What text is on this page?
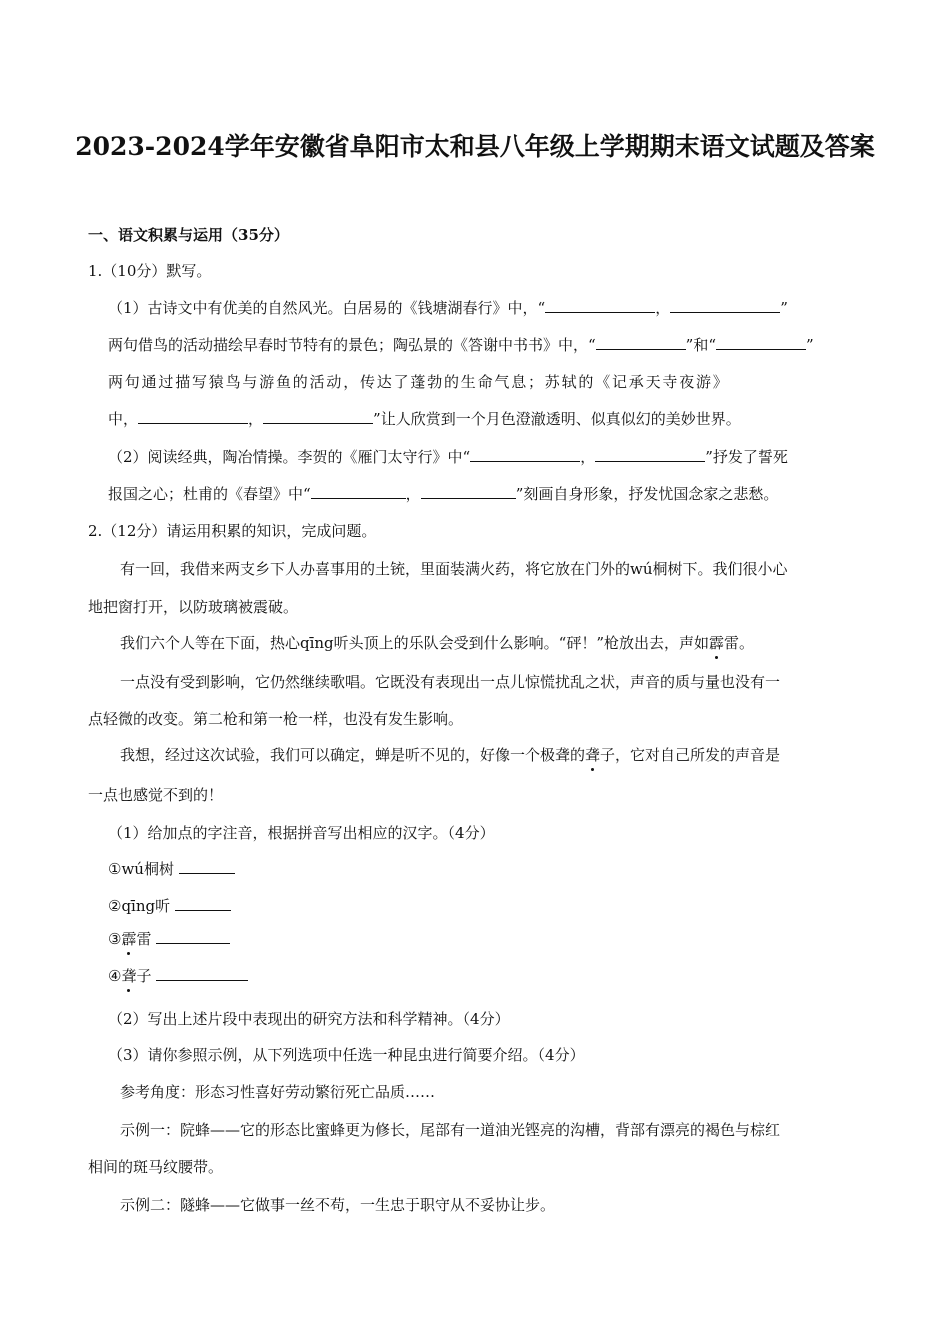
2023-2024学年安徽省阜阳市太和县八年级上学期期末语文试题及答案
一、语文积累与运用（35分）
1.（10分）默写。
（1）古诗文中有优美的自然风光。白居易的《钱塘湖春行》中，“	，	”
两句借鸟的活动描绘早春时节特有的景色；陶弘景的《答谢中书书》中，“	”和“	”
两句通过描写猿鸟与游鱼的活动，传达了蓬勃的生命气息；苏轼的《记承天寺夜游》
中，	，	”让人欣赏到一个月色澄澈透明、似真似幻的美妙世界。
（2）阅读经典，陶冶情操。李贺的《雁门太守行》中“	，	”抒发了誓死
报国之心；杜甫的《春望》中“	，	”刻画自身形象，抒发忧国念家之悲愁。
2.（12分）请运用积累的知识，完成问题。
有一回，我借来两支乡下人办喜事用的土铳，里面装满火药，将它放在门外的wú桐树下。我们很小心
地把窗打开，以防玻璃被震破。
我们六个人等在下面，热心qīng听头顶上的乐队会受到什么影响。“砰！”枪放出去，声如霹雷。
一点没有受到影响，它仍然继续歌唱。它既没有表现出一点儿惊慌扰乱之状，声音的质与量也没有一
点轻微的改变。第二枪和第一枪一样，也没有发生影响。
我想，经过这次试验，我们可以确定，蝉是听不见的，好像一个极聋的聋子，它对自己所发的声音是
一点也感觉不到的！
（1）给加点的字注音，根据拼音写出相应的汉字。（4分）
①wú桐树
②qīng听
③霹雷
④聋子
（2）写出上述片段中表现出的研究方法和科学精神。（4分）
（3）请你参照示例，从下列选项中任选一种昆虫进行简要介绍。（4分）
参考角度：形态习性喜好劳动繁衍死亡品质……
示例一：院蜂——它的形态比蜜蜂更为修长，尾部有一道油光铿亮的沟槽，背部有漂亮的褐色与棕红
相间的斑马纹腰带。
示例二：隧蜂——它做事一丝不苟，一生忠于职守从不妥协让步。
